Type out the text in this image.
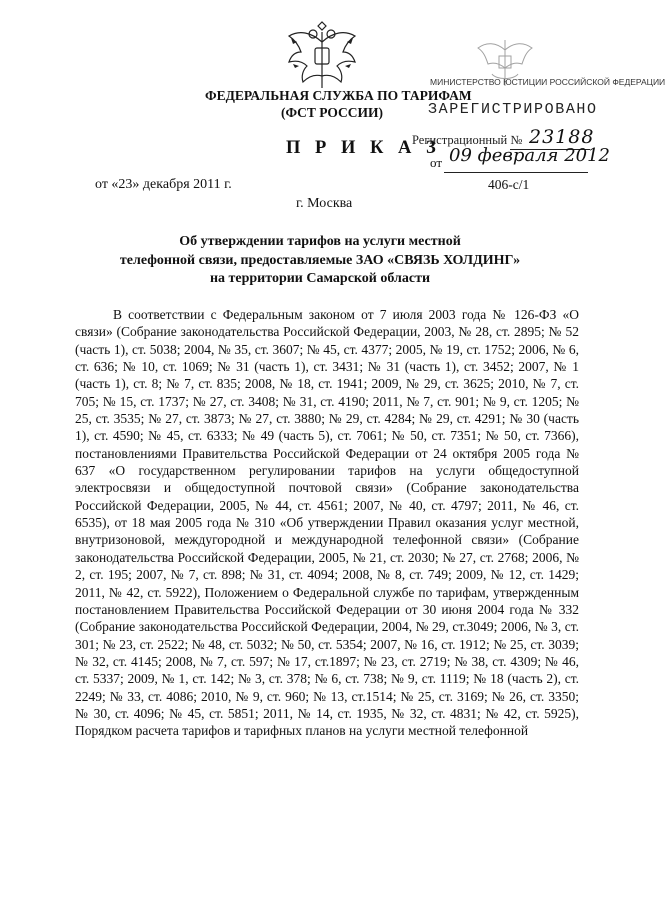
ФЕДЕРАЛЬНАЯ СЛУЖБА ПО ТАРИФАМ
(ФСТ РОССИИ)
П Р И К А З
от «23» декабря 2011 г.	406-с/1
г. Москва
МИНИСТЕРСТВО ЮСТИЦИИ РОССИЙСКОЙ ФЕДЕРАЦИИ
ЗАРЕГИСТРИРОВАНО
Регистрационный № 23188
от 09 февраля 2012
Об утверждении тарифов на услуги местной
телефонной связи, предоставляемые ЗАО «СВЯЗЬ ХОЛДИНГ»
на территории Самарской области

В соответствии с Федеральным законом от 7 июля 2003 года № 126-ФЗ «О связи» (Собрание законодательства Российской Федерации, 2003, № 28, ст. 2895; № 52 (часть 1), ст. 5038; 2004, № 35, ст. 3607; № 45, ст. 4377; 2005, № 19, ст. 1752; 2006, № 6, ст. 636; № 10, ст. 1069; № 31 (часть 1), ст. 3431; № 31 (часть 1), ст. 3452; 2007, № 1 (часть 1), ст. 8; № 7, ст. 835; 2008, № 18, ст. 1941; 2009, № 29, ст. 3625; 2010, № 7, ст. 705; № 15, ст. 1737; № 27, ст. 3408; № 31, ст. 4190; 2011, № 7, ст. 901; № 9, ст. 1205; № 25, ст. 3535; № 27, ст. 3873; № 27, ст. 3880; № 29, ст. 4284; № 29, ст. 4291; № 30 (часть 1), ст. 4590; № 45, ст. 6333; № 49 (часть 5), ст. 7061; № 50, ст. 7351; № 50, ст. 7366), постановлениями Правительства Российской Федерации от 24 октября 2005 года № 637 «О государственном регулировании тарифов на услуги общедоступной электросвязи и общедоступной почтовой связи» (Собрание законодательства Российской Федерации, 2005, № 44, ст. 4561; 2007, № 40, ст. 4797; 2011, № 46, ст. 6535), от 18 мая 2005 года № 310 «Об утверждении Правил оказания услуг местной, внутризоновой, междугородной и международной телефонной связи» (Собрание законодательства Российской Федерации, 2005, № 21, ст. 2030; № 27, ст. 2768; 2006, № 2, ст. 195; 2007, № 7, ст. 898; № 31, ст. 4094; 2008, № 8, ст. 749; 2009, № 12, ст. 1429; 2011, № 42, ст. 5922), Положением о Федеральной службе по тарифам, утвержденным постановлением Правительства Российской Федерации от 30 июня 2004 года № 332 (Собрание законодательства Российской Федерации, 2004, № 29, ст.3049; 2006, № 3, ст. 301; № 23, ст. 2522; № 48, ст. 5032; № 50, ст. 5354; 2007, № 16, ст. 1912; № 25, ст. 3039; № 32, ст. 4145; 2008, № 7, ст. 597; № 17, ст.1897; № 23, ст. 2719; № 38, ст. 4309; № 46, ст. 5337; 2009, № 1, ст. 142; № 3, ст. 378; № 6, ст. 738; № 9, ст. 1119; № 18 (часть 2), ст. 2249; № 33, ст. 4086; 2010, № 9, ст. 960; № 13, ст.1514; № 25, ст. 3169; № 26, ст. 3350; № 30, ст. 4096; № 45, ст. 5851; 2011, № 14, ст. 1935, № 32, ст. 4831; № 42, ст. 5925), Порядком расчета тарифов и тарифных планов на услуги местной телефонной
